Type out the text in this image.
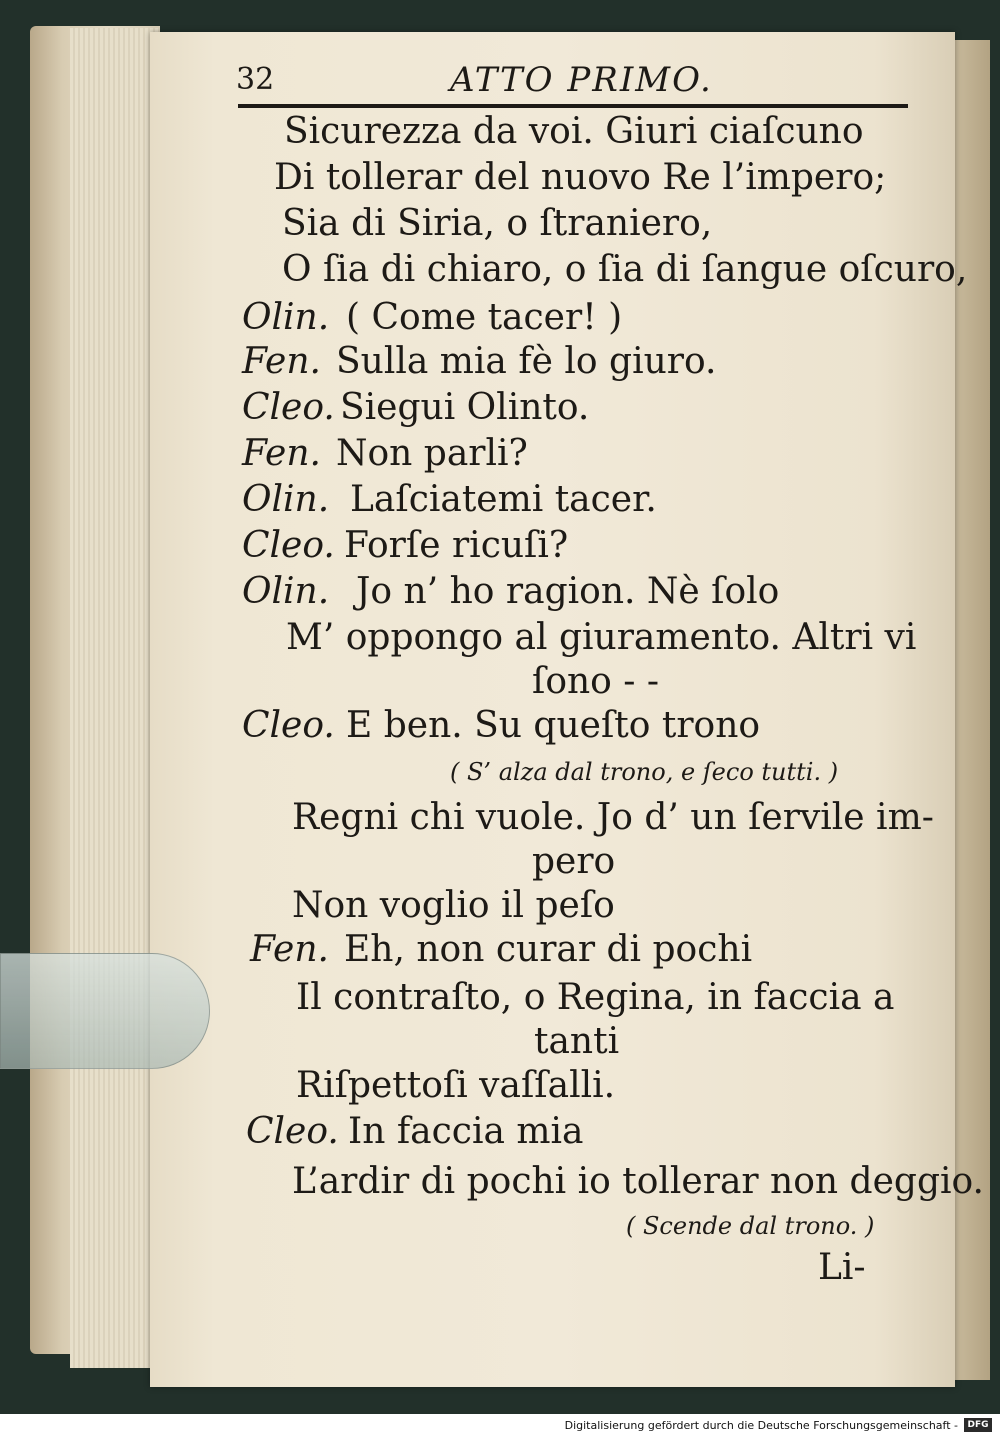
32	ATTO PRIMO.
Sicurezza da voi. Giuri ciaſcuno
Di tollerar del nuovo Re l’impero;
Sia di Siria, o ſtraniero,
O ſia di chiaro, o ſia di ſangue oſcuro,
Olin. ( Come tacer! )
Fen. Sulla mia fè lo giuro.
Cleo. Siegui Olinto.
Fen. Non parli?
Olin. Laſciatemi tacer.
Cleo. Forſe ricuſi?
Olin. Jo n’ ho ragion. Nè ſolo
M’ oppongo al giuramento. Altri vi
ſono - -
Cleo. E ben. Su queſto trono
( S’ alza dal trono, e ſeco tutti. )
Regni chi vuole. Jo d’ un ſervile im-
pero
Non voglio il peſo
Fen. Eh, non curar di pochi
Il contraſto, o Regina, in faccia a
tanti
Riſpettoſi vaſſalli.
Cleo. In faccia mia
L’ardir di pochi io tollerar non deggio.
( Scende dal trono. )
Li-
Digitalisierung gefördert durch die Deutsche Forschungsgemeinschaft -	DFG
